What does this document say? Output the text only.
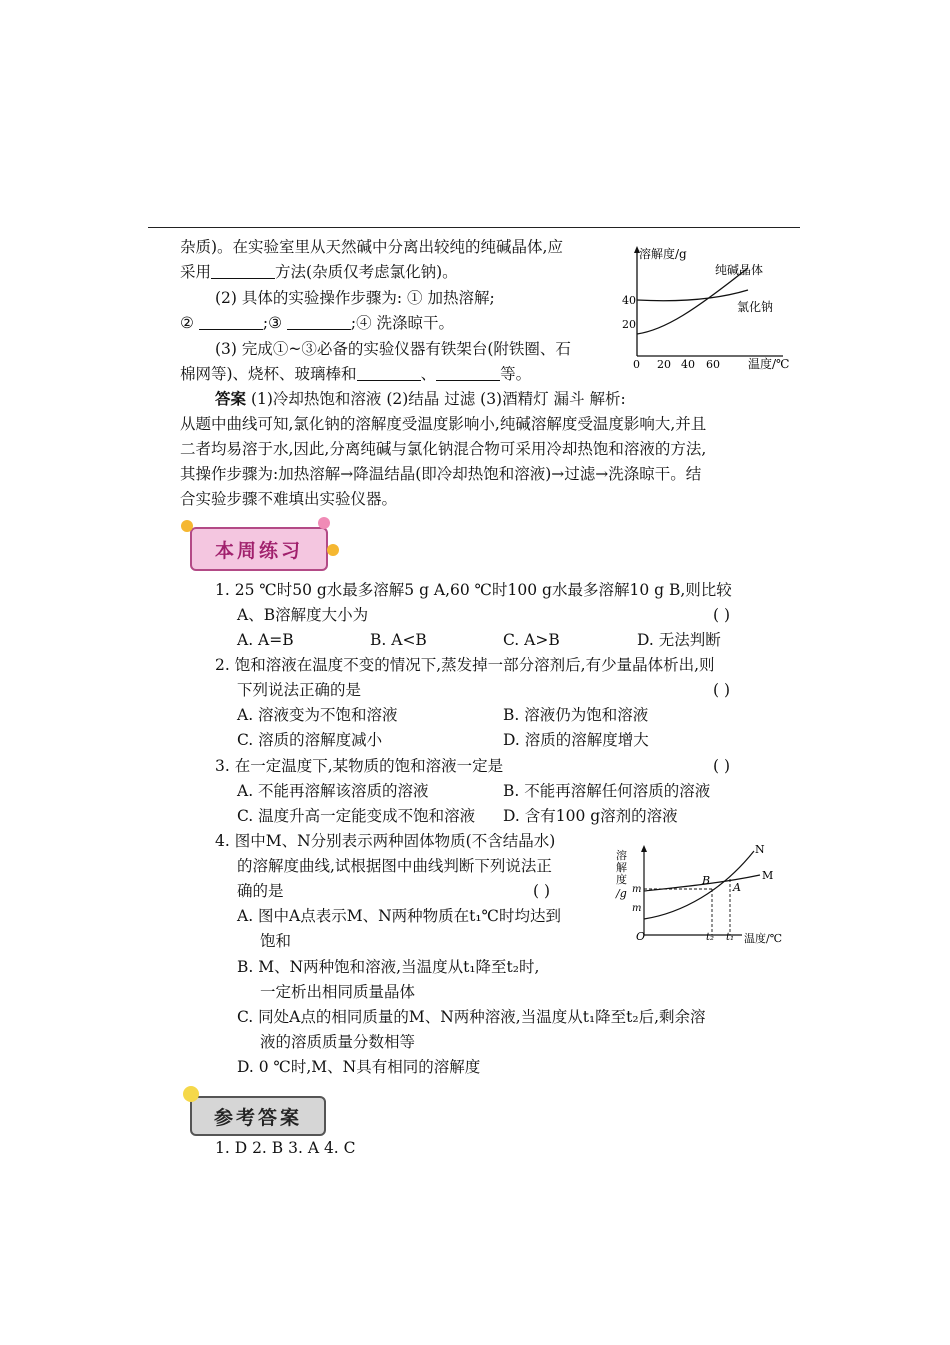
杂质)。在实验室里从天然碱中分离出较纯的纯碱晶体,应
采用	方法(杂质仅考虑氯化钠)。
(2) 具体的实验操作步骤为: ① 加热溶解;
②	;③	;④ 洗涤晾干。
(3) 完成①~③必备的实验仪器有铁架台(附铁圈、石
棉网等)、烧杯、玻璃棒和	、	等。
溶解度/g
温度/℃
纯碱晶体
氯化钠
40
20
0 20 40 60
答案 (1)冷却热饱和溶液 (2)结晶 过滤 (3)酒精灯 漏斗 解析:
从题中曲线可知,氯化钠的溶解度受温度影响小,纯碱溶解度受温度影响大,并且
二者均易溶于水,因此,分离纯碱与氯化钠混合物可采用冷却热饱和溶液的方法,
其操作步骤为:加热溶解→降温结晶(即冷却热饱和溶液)→过滤→洗涤晾干。结
合实验步骤不难填出实验仪器。
本周练习
1. 25 ℃时50 g水最多溶解5 g A,60 ℃时100 g水最多溶解10 g B,则比较
A、B溶解度大小为	( )
A. A=B	B. A<B	C. A>B	D. 无法判断
2. 饱和溶液在温度不变的情况下,蒸发掉一部分溶剂后,有少量晶体析出,则
下列说法正确的是	( )
A. 溶液变为不饱和溶液	B. 溶液仍为饱和溶液
C. 溶质的溶解度减小	D. 溶质的溶解度增大
3. 在一定温度下,某物质的饱和溶液一定是	( )
A. 不能再溶解该溶质的溶液	B. 不能再溶解任何溶质的溶液
C. 温度升高一定能变成不饱和溶液 D. 含有100 g溶剂的溶液
4. 图中M、N分别表示两种固体物质(不含结晶水)
的溶解度曲线,试根据图中曲线判断下列说法正
确的是	( )
A. 图中A点表示M、N两种物质在t₁℃时均达到
饱和
B. M、N两种饱和溶液,当温度从t₁降至t₂时,
一定析出相同质量晶体
C. 同处A点的相同质量的M、N两种溶液,当温度从t₁降至t₂后,剩余溶
液的溶质质量分数相等
D. 0 ℃时,M、N具有相同的溶解度
溶
解
度
/g
温度/℃
O	t₂ t₁
m
m
B
A
N
M
参考答案
1. D 2. B 3. A 4. C
